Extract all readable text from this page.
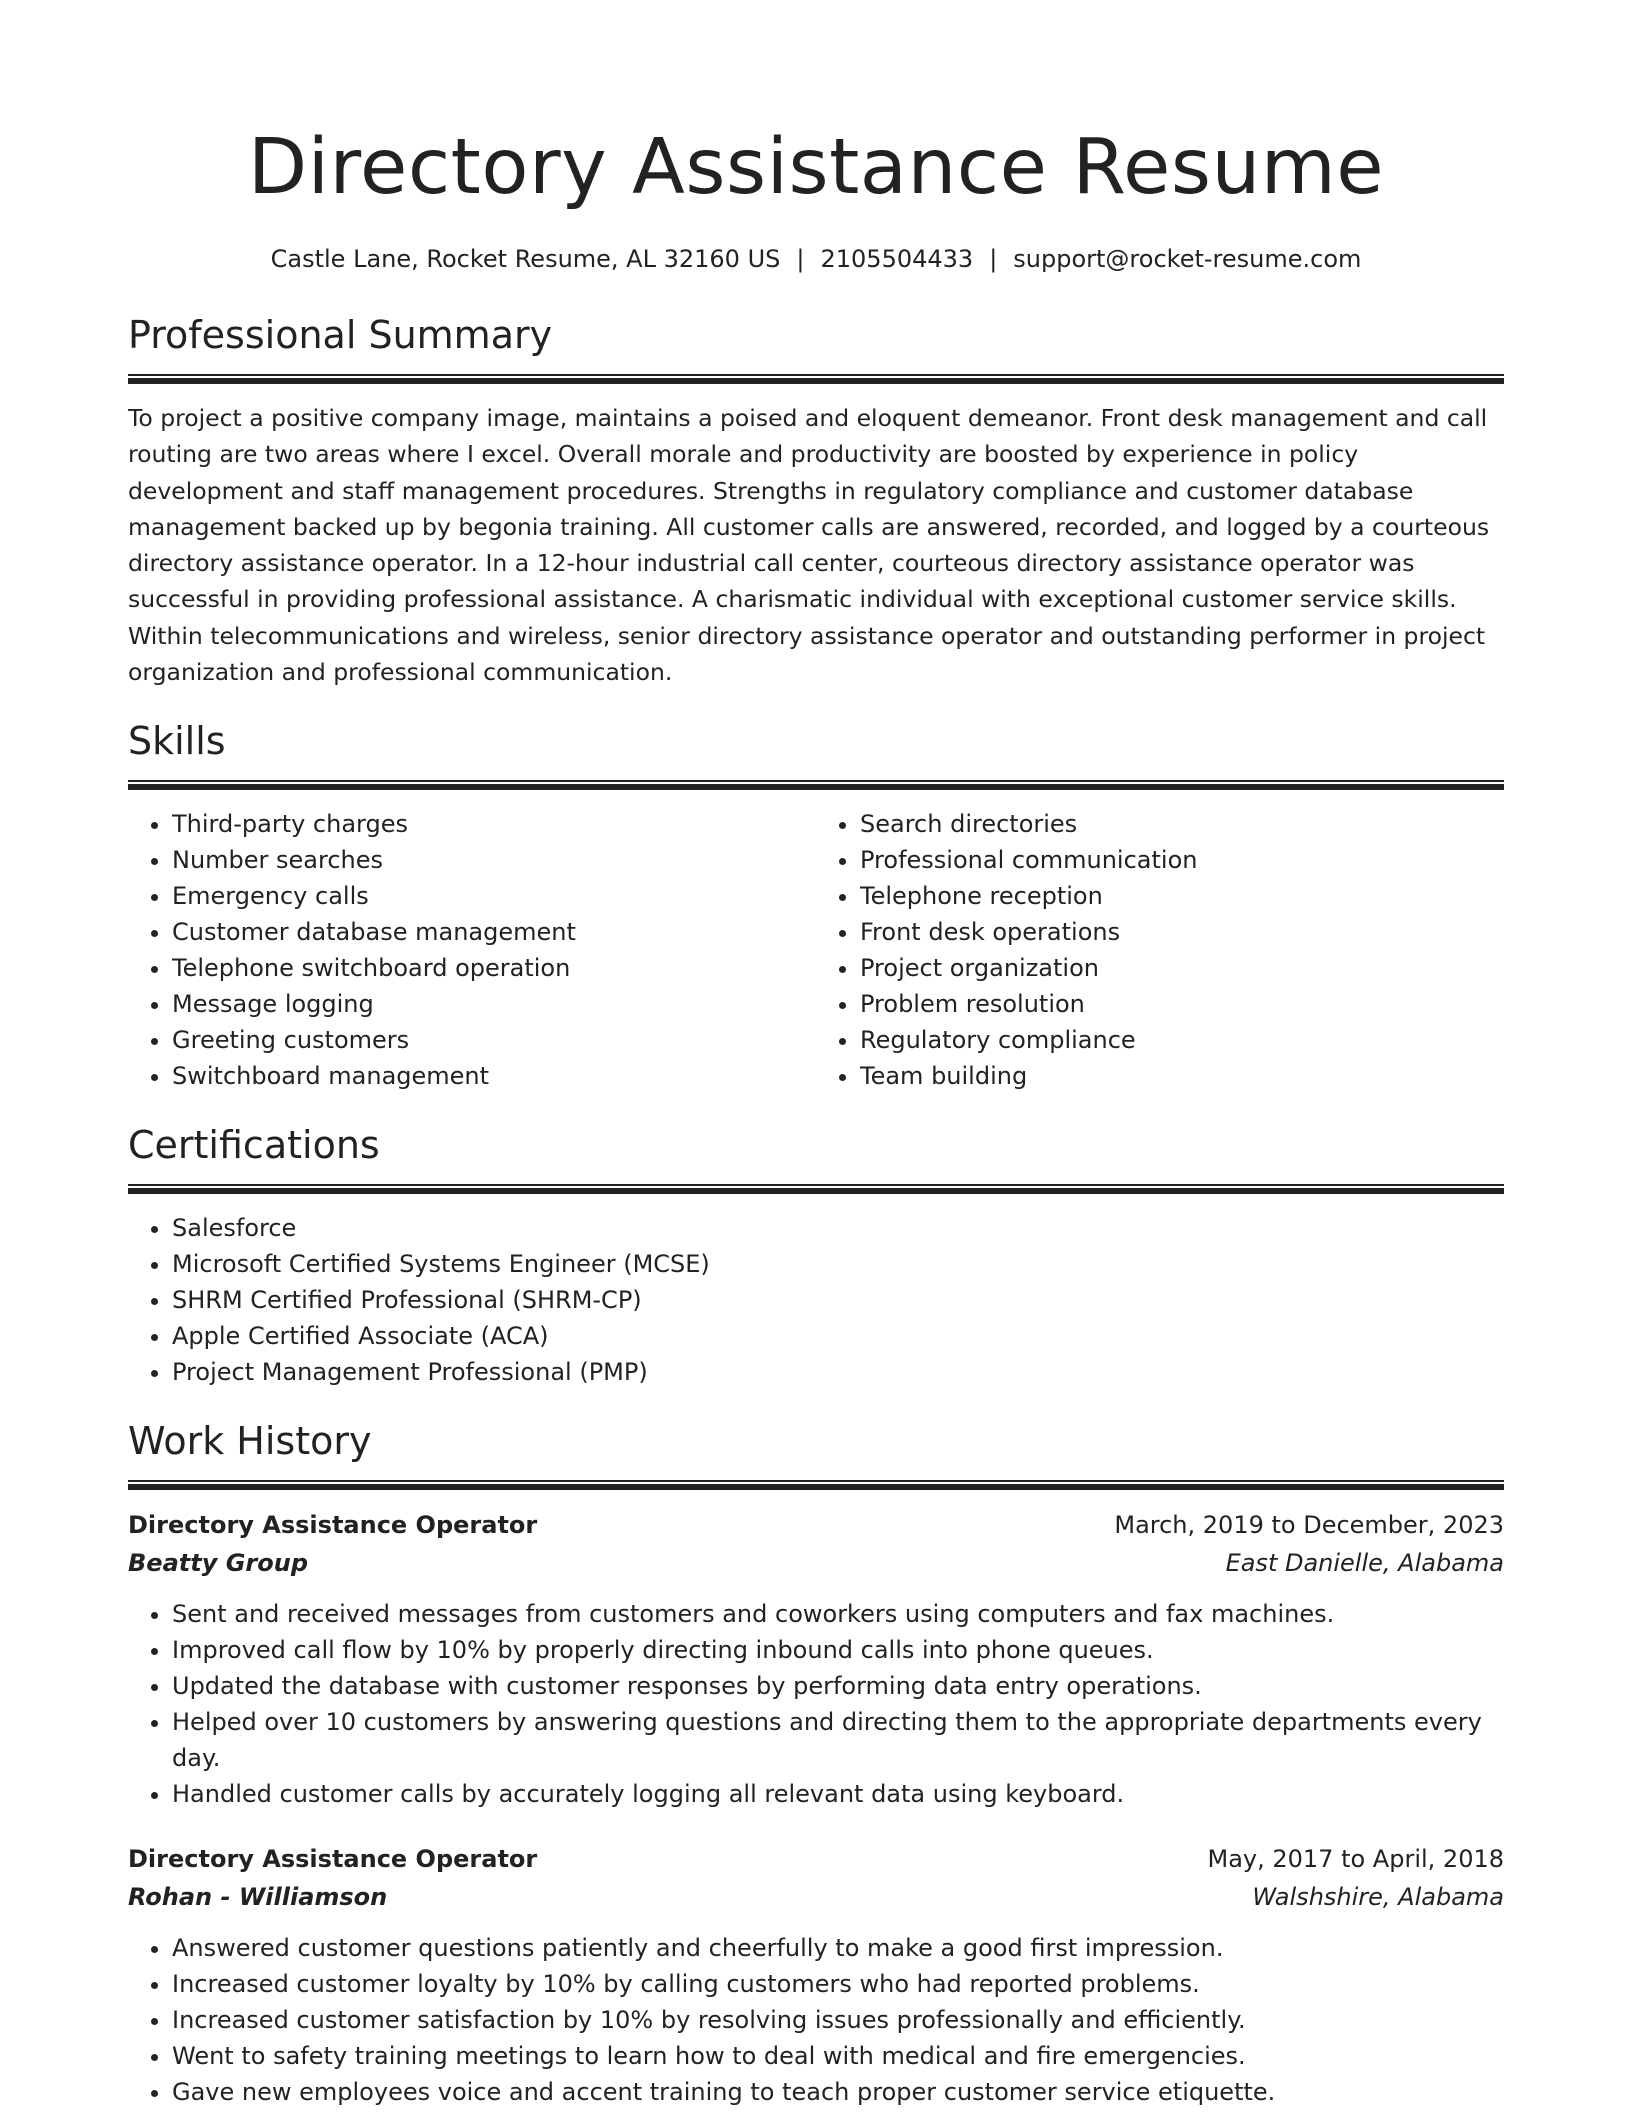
Directory Assistance Resume
Castle Lane, Rocket Resume, AL 32160 US | 2105504433 | support@rocket-resume.com
Professional Summary

To project a positive company image, maintains a poised and eloquent demeanor. Front desk management and call routing are two areas where I excel. Overall morale and productivity are boosted by experience in policy development and staff management procedures. Strengths in regulatory compliance and customer database management backed up by begonia training. All customer calls are answered, recorded, and logged by a courteous directory assistance operator. In a 12-hour industrial call center, courteous directory assistance operator was successful in providing professional assistance. A charismatic individual with exceptional customer service skills. Within telecommunications and wireless, senior directory assistance operator and outstanding performer in project organization and professional communication.

Skills
• Third-party charges
• Number searches
• Emergency calls
• Customer database management
• Telephone switchboard operation
• Message logging
• Greeting customers
• Switchboard management
• Search directories
• Professional communication
• Telephone reception
• Front desk operations
• Project organization
• Problem resolution
• Regulatory compliance
• Team building
Certifications
• Salesforce
• Microsoft Certified Systems Engineer (MCSE)
• SHRM Certified Professional (SHRM-CP)
• Apple Certified Associate (ACA)
• Project Management Professional (PMP)
Work History
Directory Assistance Operator	March, 2019 to December, 2023
Beatty Group	East Danielle, Alabama
• Sent and received messages from customers and coworkers using computers and fax machines.
• Improved call flow by 10% by properly directing inbound calls into phone queues.
• Updated the database with customer responses by performing data entry operations.
• Helped over 10 customers by answering questions and directing them to the appropriate departments every day.
• Handled customer calls by accurately logging all relevant data using keyboard.
Directory Assistance Operator	May, 2017 to April, 2018
Rohan - Williamson	Walshshire, Alabama
• Answered customer questions patiently and cheerfully to make a good first impression.
• Increased customer loyalty by 10% by calling customers who had reported problems.
• Increased customer satisfaction by 10% by resolving issues professionally and efficiently.
• Went to safety training meetings to learn how to deal with medical and fire emergencies.
• Gave new employees voice and accent training to teach proper customer service etiquette.
